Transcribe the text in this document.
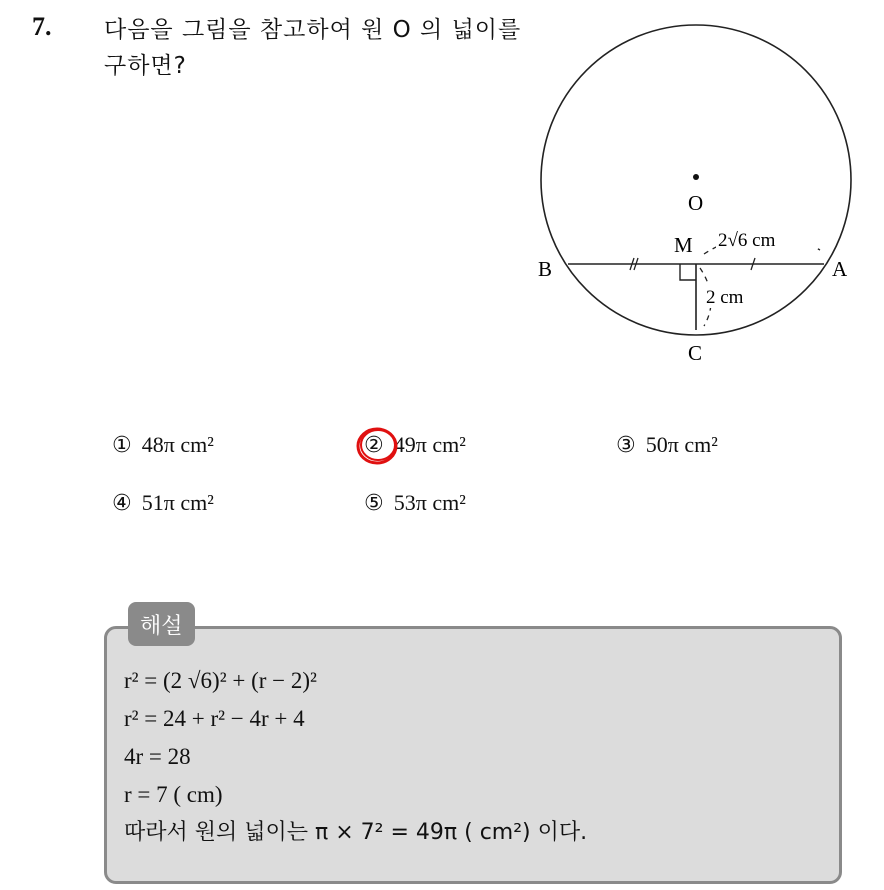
7. 다음을 그림을 참고하여 원 O 의 넓이를 구하면?
O
M
B	A
C
2√6 cm
2 cm
① 48π cm²	② 49π cm²	③ 50π cm²
④ 51π cm²	⑤ 53π cm²
해설
r² = (2 √6)² + (r − 2)²
r² = 24 + r² − 4r + 4
4r = 28
r = 7 ( cm)
따라서 원의 넓이는 π × 7² = 49π ( cm²) 이다.
